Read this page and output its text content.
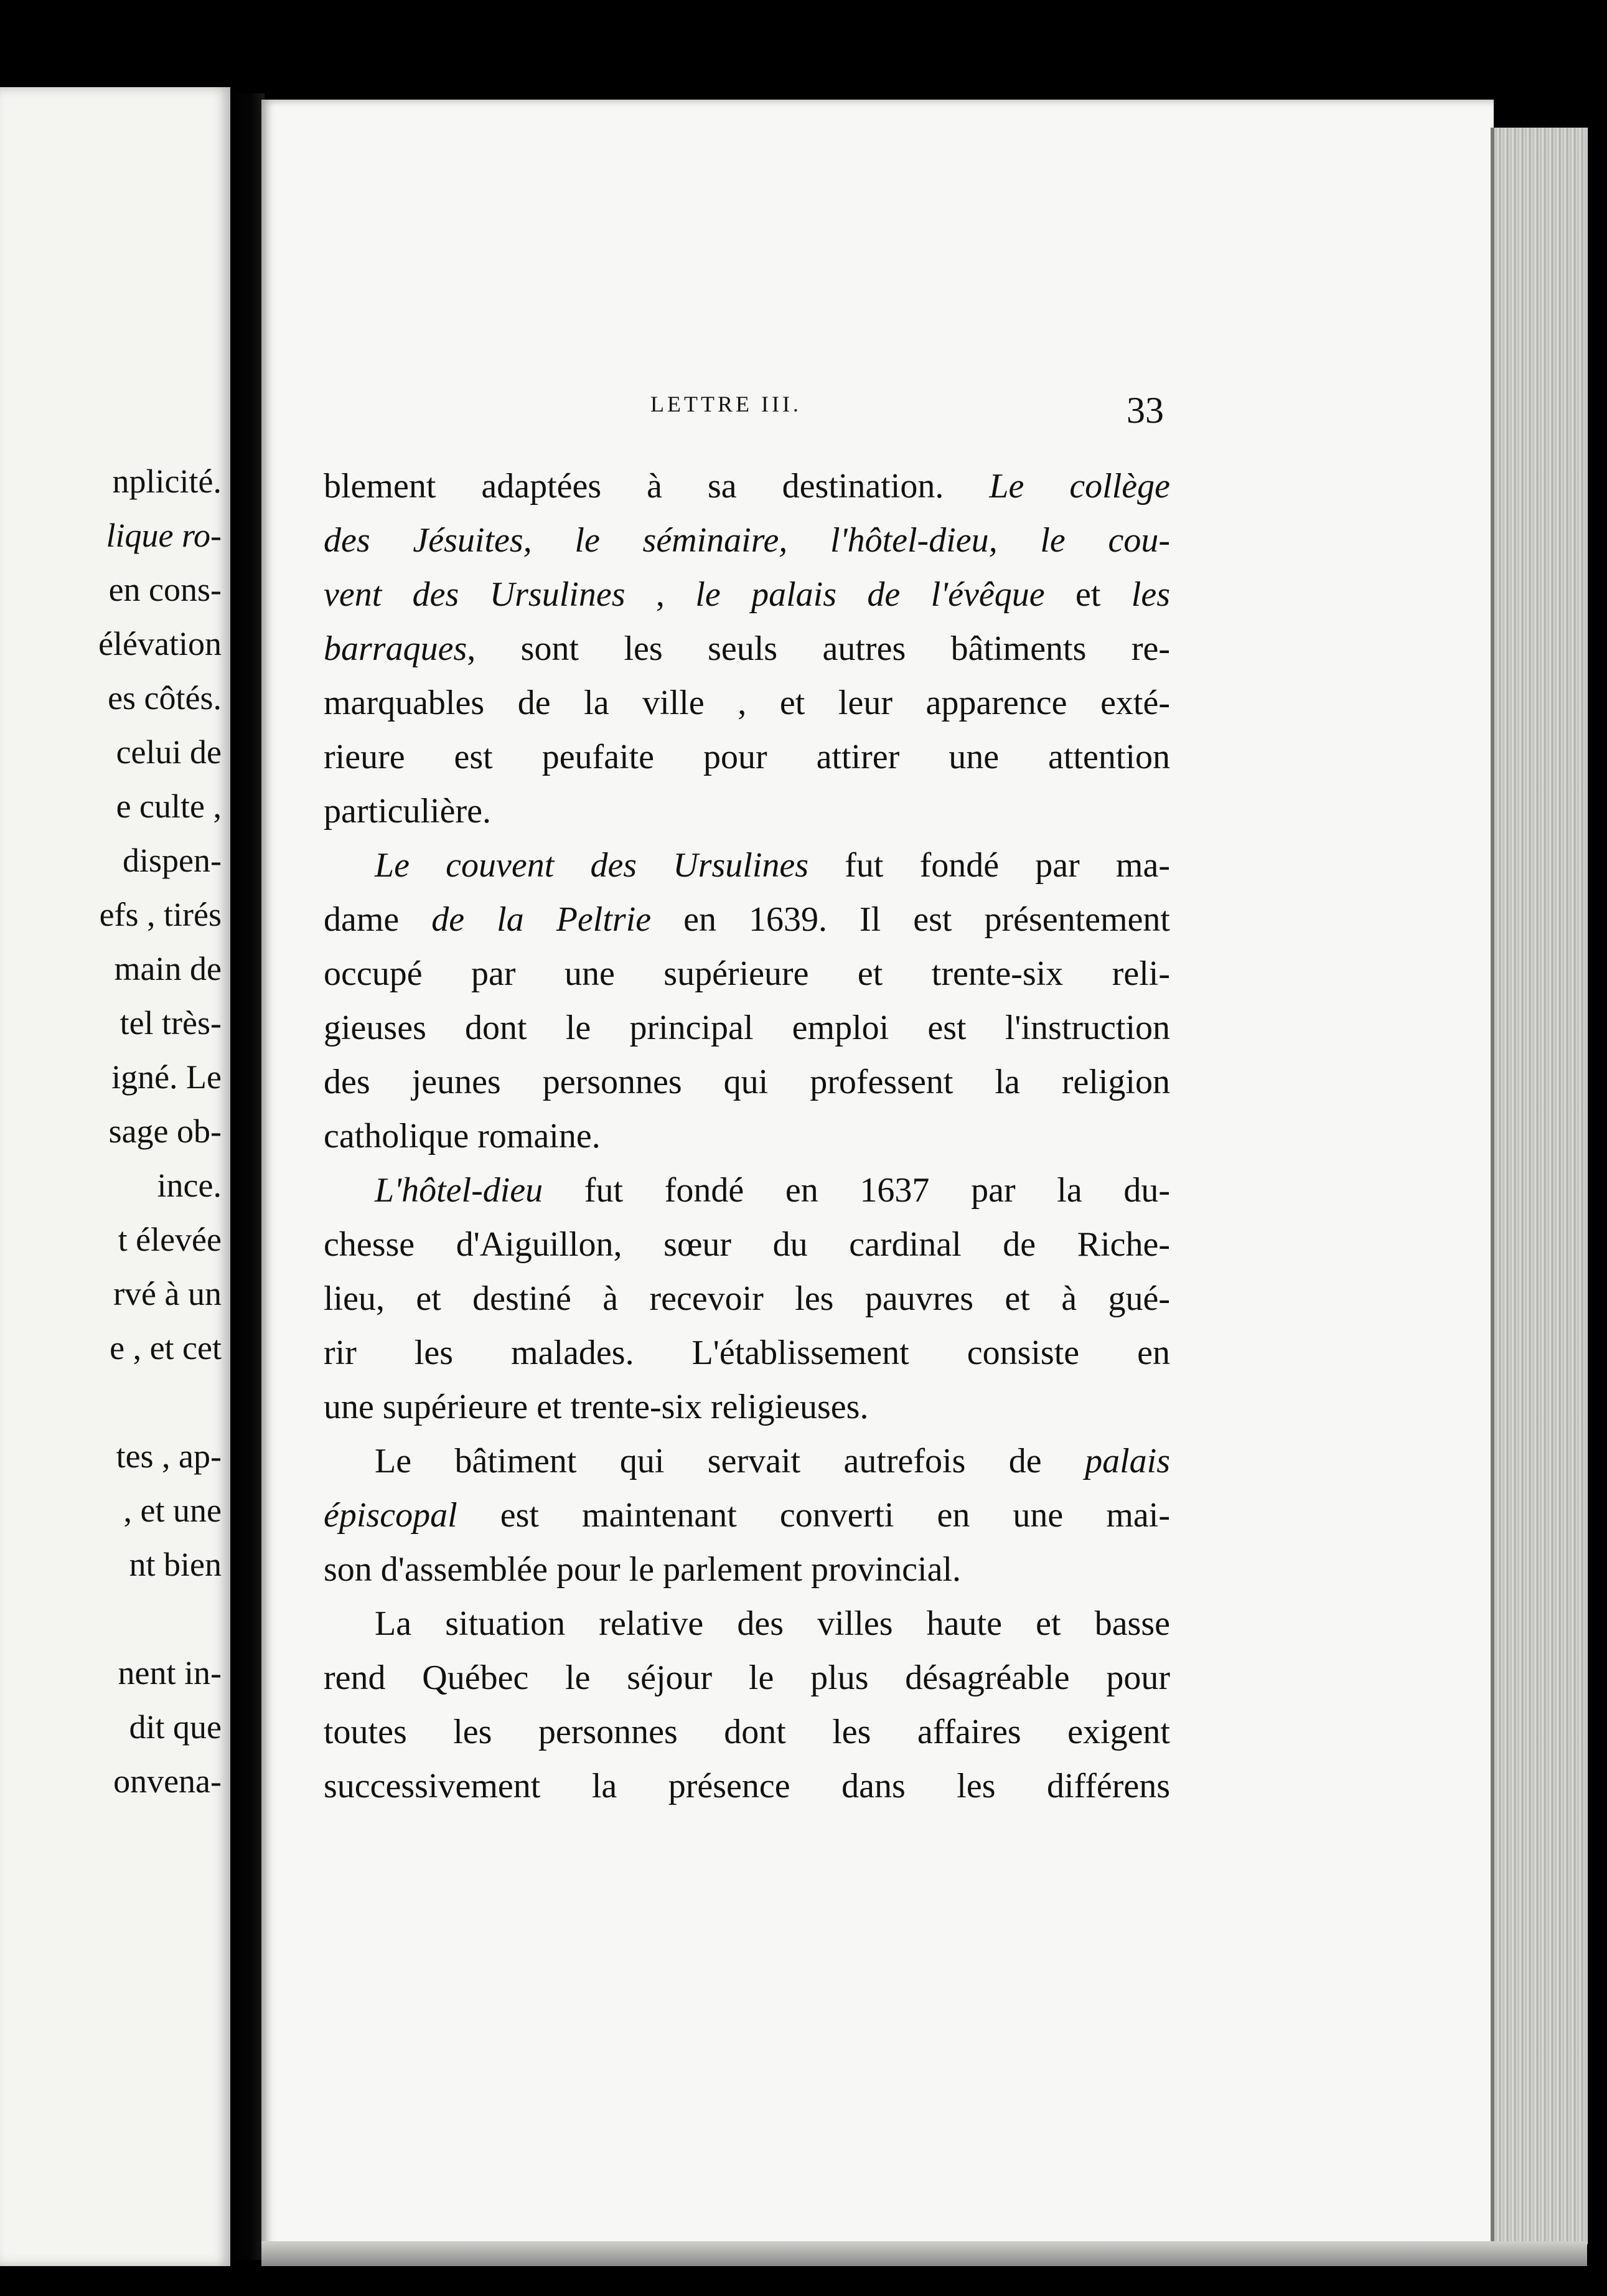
nplicité.
lique ro-
en cons-
élévation
es côtés.
celui de
e culte ,
dispen-
efs , tirés
main de
tel très-
igné. Le
sage ob-
ince.
t élevée
rvé à un
e , et cet
tes , ap-
, et une
nt bien
nent in-
dit que
onvena-
LETTRE III.	33
blement adaptées à sa destination. Le collège
des Jésuites, le séminaire, l'hôtel-dieu, le cou-
vent des Ursulines , le palais de l'évêque et les
barraques, sont les seuls autres bâtiments re-
marquables de la ville , et leur apparence exté-
rieure est peufaite pour attirer une attention
particulière.
Le couvent des Ursulines fut fondé par ma-
dame de la Peltrie en 1639. Il est présentement
occupé par une supérieure et trente-six reli-
gieuses dont le principal emploi est l'instruction
des jeunes personnes qui professent la religion
catholique romaine.
L'hôtel-dieu fut fondé en 1637 par la du-
chesse d'Aiguillon, sœur du cardinal de Riche-
lieu, et destiné à recevoir les pauvres et à gué-
rir les malades. L'établissement consiste en
une supérieure et trente-six religieuses.
Le bâtiment qui servait autrefois de palais
épiscopal est maintenant converti en une mai-
son d'assemblée pour le parlement provincial.
La situation relative des villes haute et basse
rend Québec le séjour le plus désagréable pour
toutes les personnes dont les affaires exigent
successivement la présence dans les différens
